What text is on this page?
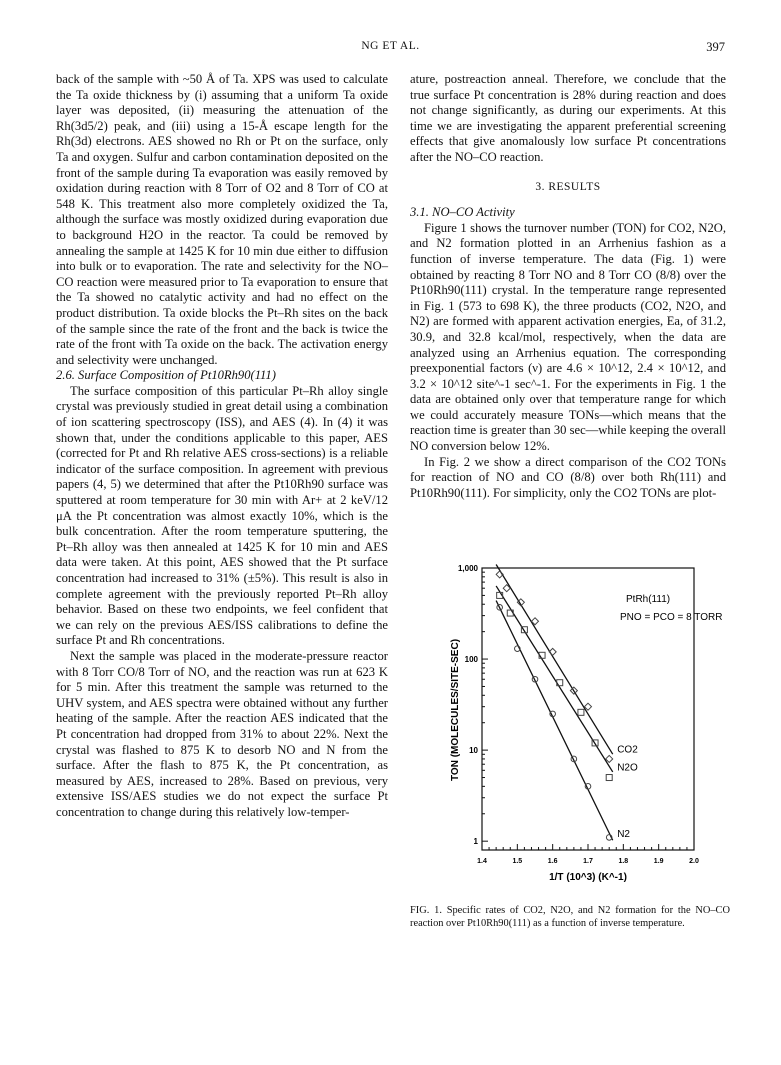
NG ET AL.	397

back of the sample with ~50 Å of Ta. XPS was used to calculate the Ta oxide thickness by (i) assuming that a uniform Ta oxide layer was deposited, (ii) measuring the attenuation of the Rh(3d5/2) peak, and (iii) using a 15-Å escape length for the Rh(3d) electrons. AES showed no Rh or Pt on the surface, only Ta and oxygen. Sulfur and carbon contamination deposited on the front of the sample during Ta evaporation was easily removed by oxidation during reaction with 8 Torr of O2 and 8 Torr of CO at 548 K. This treatment also more completely oxidized the Ta, although the surface was mostly oxidized during evaporation due to background H2O in the reactor. Ta could be removed by annealing the sample at 1425 K for 10 min due either to diffusion into bulk or to evaporation. The rate and selectivity for the NO–CO reaction were measured prior to Ta evaporation to ensure that the Ta showed no catalytic activity and had no effect on the product distribution. Ta oxide blocks the Pt–Rh sites on the back of the sample since the rate of the front and the back is twice the rate of the front with Ta oxide on the back. The activation energy and selectivity were unchanged.

2.6. Surface Composition of Pt10Rh90(111)

The surface composition of this particular Pt–Rh alloy single crystal was previously studied in great detail using a combination of ion scattering spectroscopy (ISS), and AES (4). In (4) it was shown that, under the conditions applicable to this paper, AES (corrected for Pt and Rh relative AES cross-sections) is a reliable indicator of the surface composition. In agreement with previous papers (4, 5) we determined that after the Pt10Rh90 surface was sputtered at room temperature for 30 min with Ar+ at 2 keV/12 μA the Pt concentration was almost exactly 10%, which is the bulk concentration. After the room temperature sputtering, the Pt–Rh alloy was then annealed at 1425 K for 10 min and AES data were taken. At this point, AES showed that the Pt surface concentration had increased to 31% (±5%). This result is also in complete agreement with the previously reported Pt–Rh alloy behavior. Based on these two endpoints, we feel confident that we can rely on the previous AES/ISS calibrations to define the surface Pt and Rh concentrations.

Next the sample was placed in the moderate-pressure reactor with 8 Torr CO/8 Torr of NO, and the reaction was run at 623 K for 5 min. After this treatment the sample was returned to the UHV system, and AES spectra were obtained without any further heating of the sample. After the reaction AES indicated that the Pt concentration had dropped from 31% to about 22%. Next the crystal was flashed to 875 K to desorb NO and N from the surface. After the flash to 875 K, the Pt concentration, as measured by AES, increased to 28%. Based on previous, very extensive ISS/AES studies we do not expect the surface Pt concentration to change during this relatively low-temper-

ature, postreaction anneal. Therefore, we conclude that the true surface Pt concentration is 28% during reaction and does not change significantly, as during our experiments. At this time we are investigating the apparent preferential screening effects that give anomalously low surface Pt concentrations after the NO–CO reaction.

3. RESULTS

3.1. NO–CO Activity

Figure 1 shows the turnover number (TON) for CO2, N2O, and N2 formation plotted in an Arrhenius fashion as a function of inverse temperature. The data (Fig. 1) were obtained by reacting 8 Torr NO and 8 Torr CO (8/8) over the Pt10Rh90(111) crystal. In the temperature range represented in Fig. 1 (573 to 698 K), the three products (CO2, N2O, and N2) are formed with apparent activation energies, Ea, of 31.2, 30.9, and 32.8 kcal/mol, respectively, when the data are analyzed using an Arrhenius equation. The corresponding preexponential factors (ν) are 4.6 × 10^12, 2.4 × 10^12, and 3.2 × 10^12 site^-1 sec^-1. For the experiments in Fig. 1 the data are obtained only over that temperature range for which we could accurately measure TONs—which means that the reaction time is greater than 30 sec—while keeping the overall NO conversion below 12%.

In Fig. 2 we show a direct comparison of the CO2 TONs for reaction of NO and CO (8/8) over both Rh(111) and Pt10Rh90(111). For simplicity, only the CO2 TONs are plot-

1
10
100
1,000
1.4	1.5	1.6	1.7	1.8	1.9	2.0
CO2
N2O
N2
PtRh(111)
PNO = PCO = 8 TORR
1/T (10^3) (K^-1)
TON (MOLECULES/SITE-SEC)
FIG. 1. Specific rates of CO2, N2O, and N2 formation for the NO–CO reaction over Pt10Rh90(111) as a function of inverse temperature.
